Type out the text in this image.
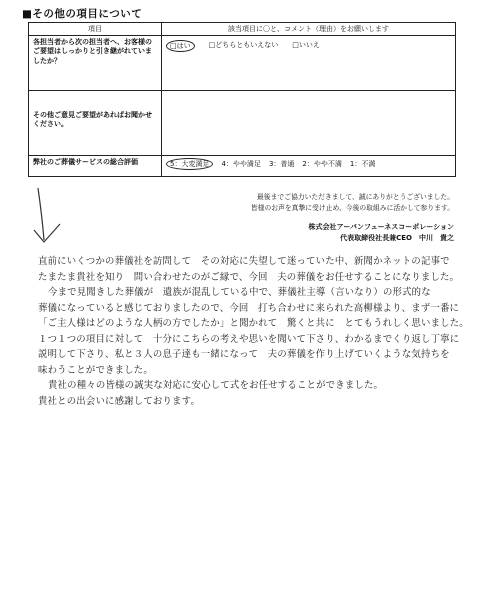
■その他の項目について
項目	該当項目に〇と、コメント（理由）をお願いします

各担当者から次の担当者へ、お客様のご要望はしっかりと引き継がれていましたか？	□はい □どちらともいえない □いいえ

その他ご意見ご要望があればお聞かせください。	

弊社のご葬儀サービスの総合評価	5：大変満足 4：やや満足 3：普通 2：やや不満 1：不満
最後までご協力いただきまして、誠にありがとうございました。
皆様のお声を真摯に受け止め、今後の取組みに活かして参ります。
株式会社アーバンフューネスコーポレーション
代表取締役社長兼CEO　中川　貴之

直前にいくつかの葬儀社を訪問して　その対応に失望して迷っていた中、新聞かネットの記事で

たまたま貴社を知り　問い合わせたのがご縁で、今回　夫の葬儀をお任せすることになりました。

今まで見聞きした葬儀が　遺族が混乱している中で、葬儀社主導（言いなり）の形式的な

葬儀になっていると感じておりましたので、今回　打ち合わせに来られた高柳様より、まず一番に

「ご主人様はどのような人柄の方でしたか」と聞かれて　驚くと共に　とてもうれしく思いました。

１つ１つの項目に対して　十分にこちらの考えや思いを聞いて下さり、わかるまでくり返し丁寧に

説明して下さり、私と３人の息子達も一緒になって　夫の葬儀を作り上げていくような気持ちを

味わうことができました。

貴社の種々の皆様の誠実な対応に安心して式をお任せすることができました。

貴社との出会いに感謝しております。
